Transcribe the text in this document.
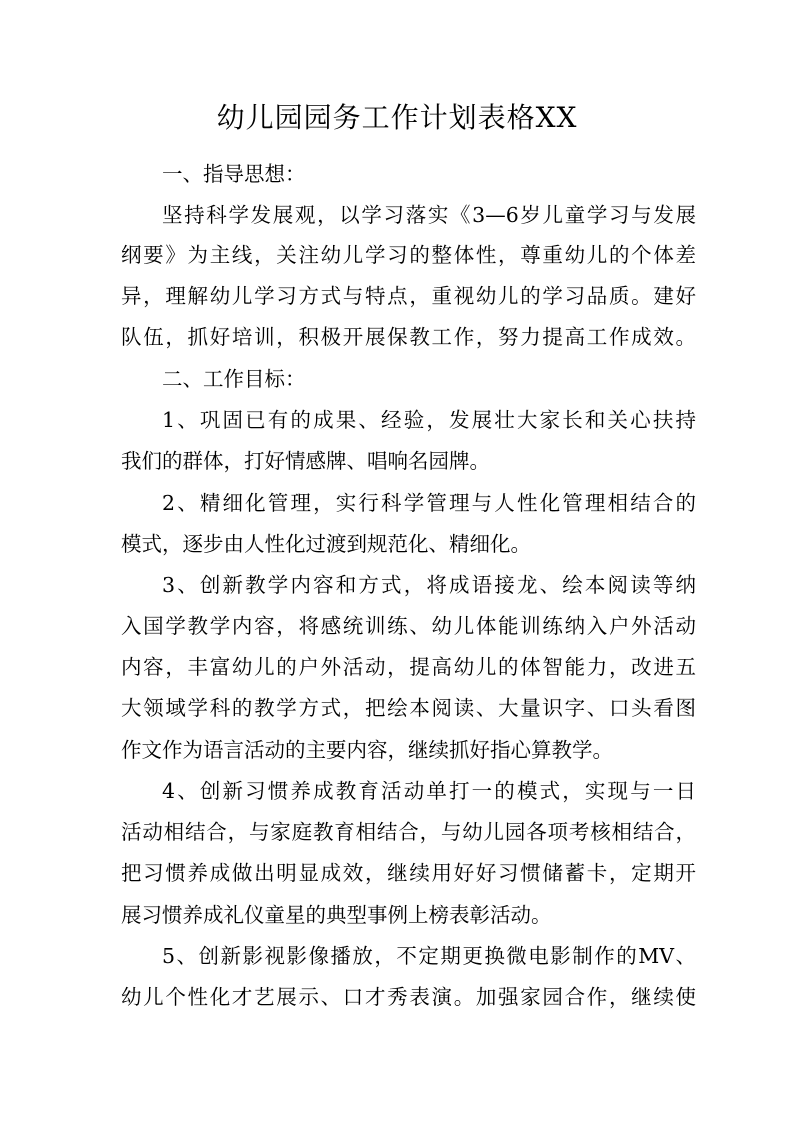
幼儿园园务工作计划表格XX
一、指导思想：
坚持科学发展观，以学习落实《3—6岁儿童学习与发展
纲要》为主线，关注幼儿学习的整体性，尊重幼儿的个体差
异，理解幼儿学习方式与特点，重视幼儿的学习品质。建好
队伍，抓好培训，积极开展保教工作，努力提高工作成效。
二、工作目标：
1、巩固已有的成果、经验，发展壮大家长和关心扶持
我们的群体，打好情感牌、唱响名园牌。
2、精细化管理，实行科学管理与人性化管理相结合的
模式，逐步由人性化过渡到规范化、精细化。
3、创新教学内容和方式，将成语接龙、绘本阅读等纳
入国学教学内容，将感统训练、幼儿体能训练纳入户外活动
内容，丰富幼儿的户外活动，提高幼儿的体智能力，改进五
大领域学科的教学方式，把绘本阅读、大量识字、口头看图
作文作为语言活动的主要内容，继续抓好指心算教学。
4、创新习惯养成教育活动单打一的模式，实现与一日
活动相结合，与家庭教育相结合，与幼儿园各项考核相结合，
把习惯养成做出明显成效，继续用好好习惯储蓄卡，定期开
展习惯养成礼仪童星的典型事例上榜表彰活动。
5、创新影视影像播放，不定期更换微电影制作的MV、
幼儿个性化才艺展示、口才秀表演。加强家园合作，继续使
